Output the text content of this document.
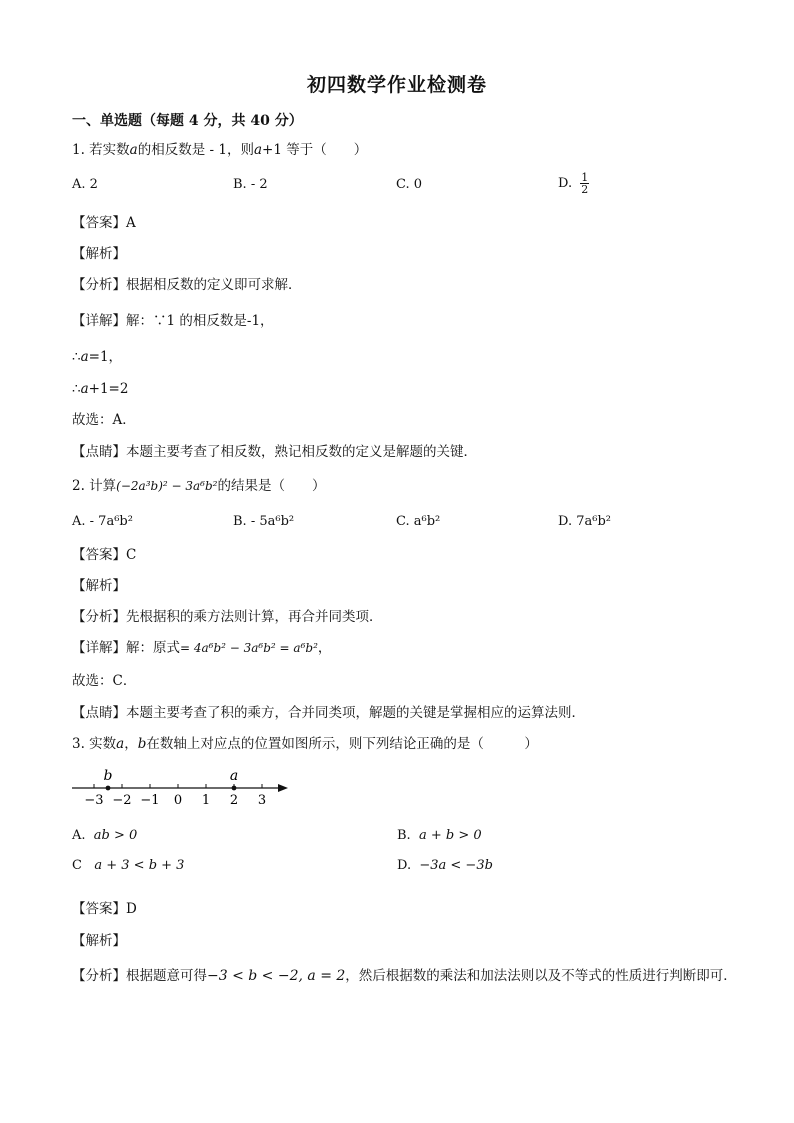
初四数学作业检测卷
一、单选题（每题 4 分，共 40 分）
1. 若实数a的相反数是 - 1，则a+1 等于（　　）
A. 2	B. - 2	C. 0	D. $\frac{1}{2}$
【答案】A
【解析】
【分析】根据相反数的定义即可求解．
【详解】解：∵1 的相反数是-1，
∴a=1，
∴a+1=2
故选：A．
【点睛】本题主要考查了相反数，熟记相反数的定义是解题的关键．
2. 计算(−2a³b)² − 3a⁶b²的结果是（　　）
A. - 7a⁶b²	B. - 5a⁶b²	C. a⁶b²	D. 7a⁶b²
【答案】C
【解析】
【分析】先根据积的乘方法则计算，再合并同类项．
【详解】解：原式= 4a⁶b² − 3a⁶b² = a⁶b²，
故选：C．
【点睛】本题主要考查了积的乘方，合并同类项，解题的关键是掌握相应的运算法则．
3. 实数a，b在数轴上对应点的位置如图所示，则下列结论正确的是（　　　）
−3 −2 −1 0 1 2 3
b	a
A. ab > 0	B. a + b > 0
C a + 3 < b + 3	D. −3a < −3b
【答案】D
【解析】
【分析】根据题意可得−3 < b < −2, a = 2，然后根据数的乘法和加法法则以及不等式的性质进行判断即可．
